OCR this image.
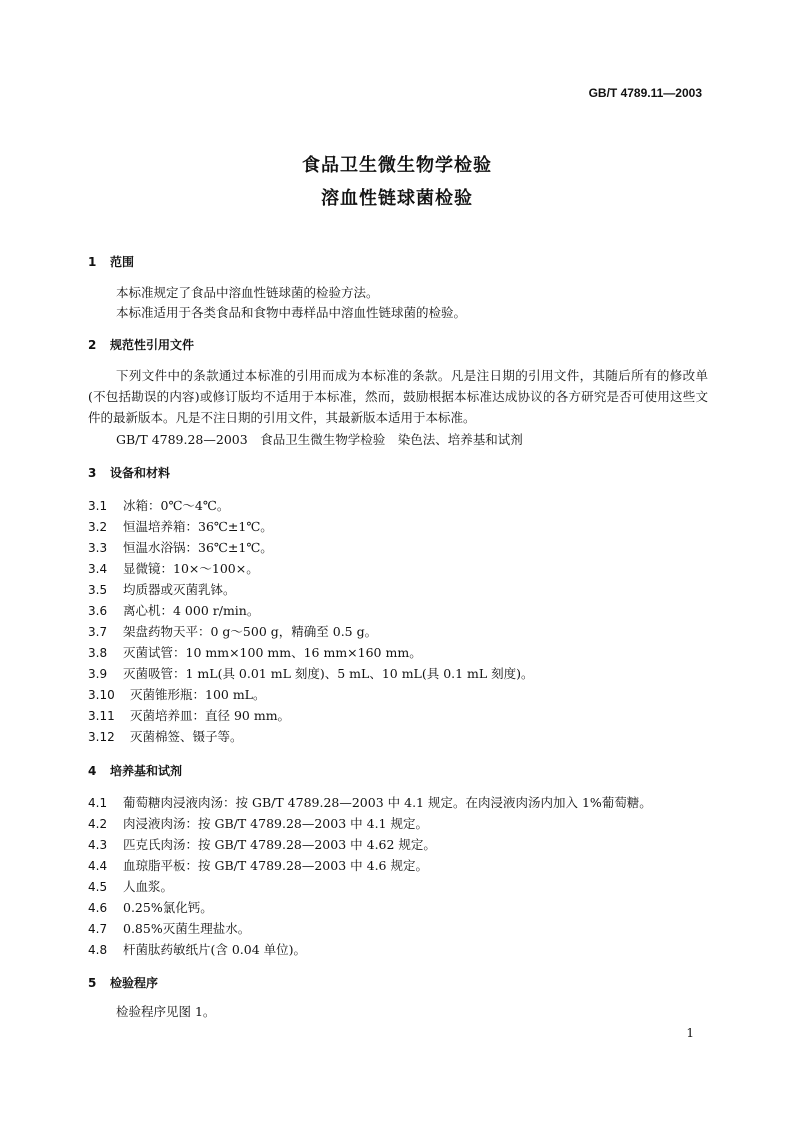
GB/T 4789.11—2003
食品卫生微生物学检验
溶血性链球菌检验
1 范围
本标准规定了食品中溶血性链球菌的检验方法。
本标准适用于各类食品和食物中毒样品中溶血性链球菌的检验。
2 规范性引用文件
下列文件中的条款通过本标准的引用而成为本标准的条款。凡是注日期的引用文件，其随后所有的修改单(不包括勘误的内容)或修订版均不适用于本标准，然而，鼓励根据本标准达成协议的各方研究是否可使用这些文件的最新版本。凡是不注日期的引用文件，其最新版本适用于本标准。
GB/T 4789.28—2003　食品卫生微生物学检验　染色法、培养基和试剂
3 设备和材料
3.1 冰箱：0℃～4℃。
3.2 恒温培养箱：36℃±1℃。
3.3 恒温水浴锅：36℃±1℃。
3.4 显微镜：10×～100×。
3.5 均质器或灭菌乳钵。
3.6 离心机：4 000 r/min。
3.7 架盘药物天平：0 g～500 g，精确至 0.5 g。
3.8 灭菌试管：10 mm×100 mm、16 mm×160 mm。
3.9 灭菌吸管：1 mL(具 0.01 mL 刻度)、5 mL、10 mL(具 0.1 mL 刻度)。
3.10 灭菌锥形瓶：100 mL。
3.11 灭菌培养皿：直径 90 mm。
3.12 灭菌棉签、镊子等。
4 培养基和试剂
4.1 葡萄糖肉浸液肉汤：按 GB/T 4789.28—2003 中 4.1 规定。在肉浸液肉汤内加入 1%葡萄糖。
4.2 肉浸液肉汤：按 GB/T 4789.28—2003 中 4.1 规定。
4.3 匹克氏肉汤：按 GB/T 4789.28—2003 中 4.62 规定。
4.4 血琼脂平板：按 GB/T 4789.28—2003 中 4.6 规定。
4.5 人血浆。
4.6 0.25%氯化钙。
4.7 0.85%灭菌生理盐水。
4.8 杆菌肽药敏纸片(含 0.04 单位)。
5 检验程序
检验程序见图 1。
1
